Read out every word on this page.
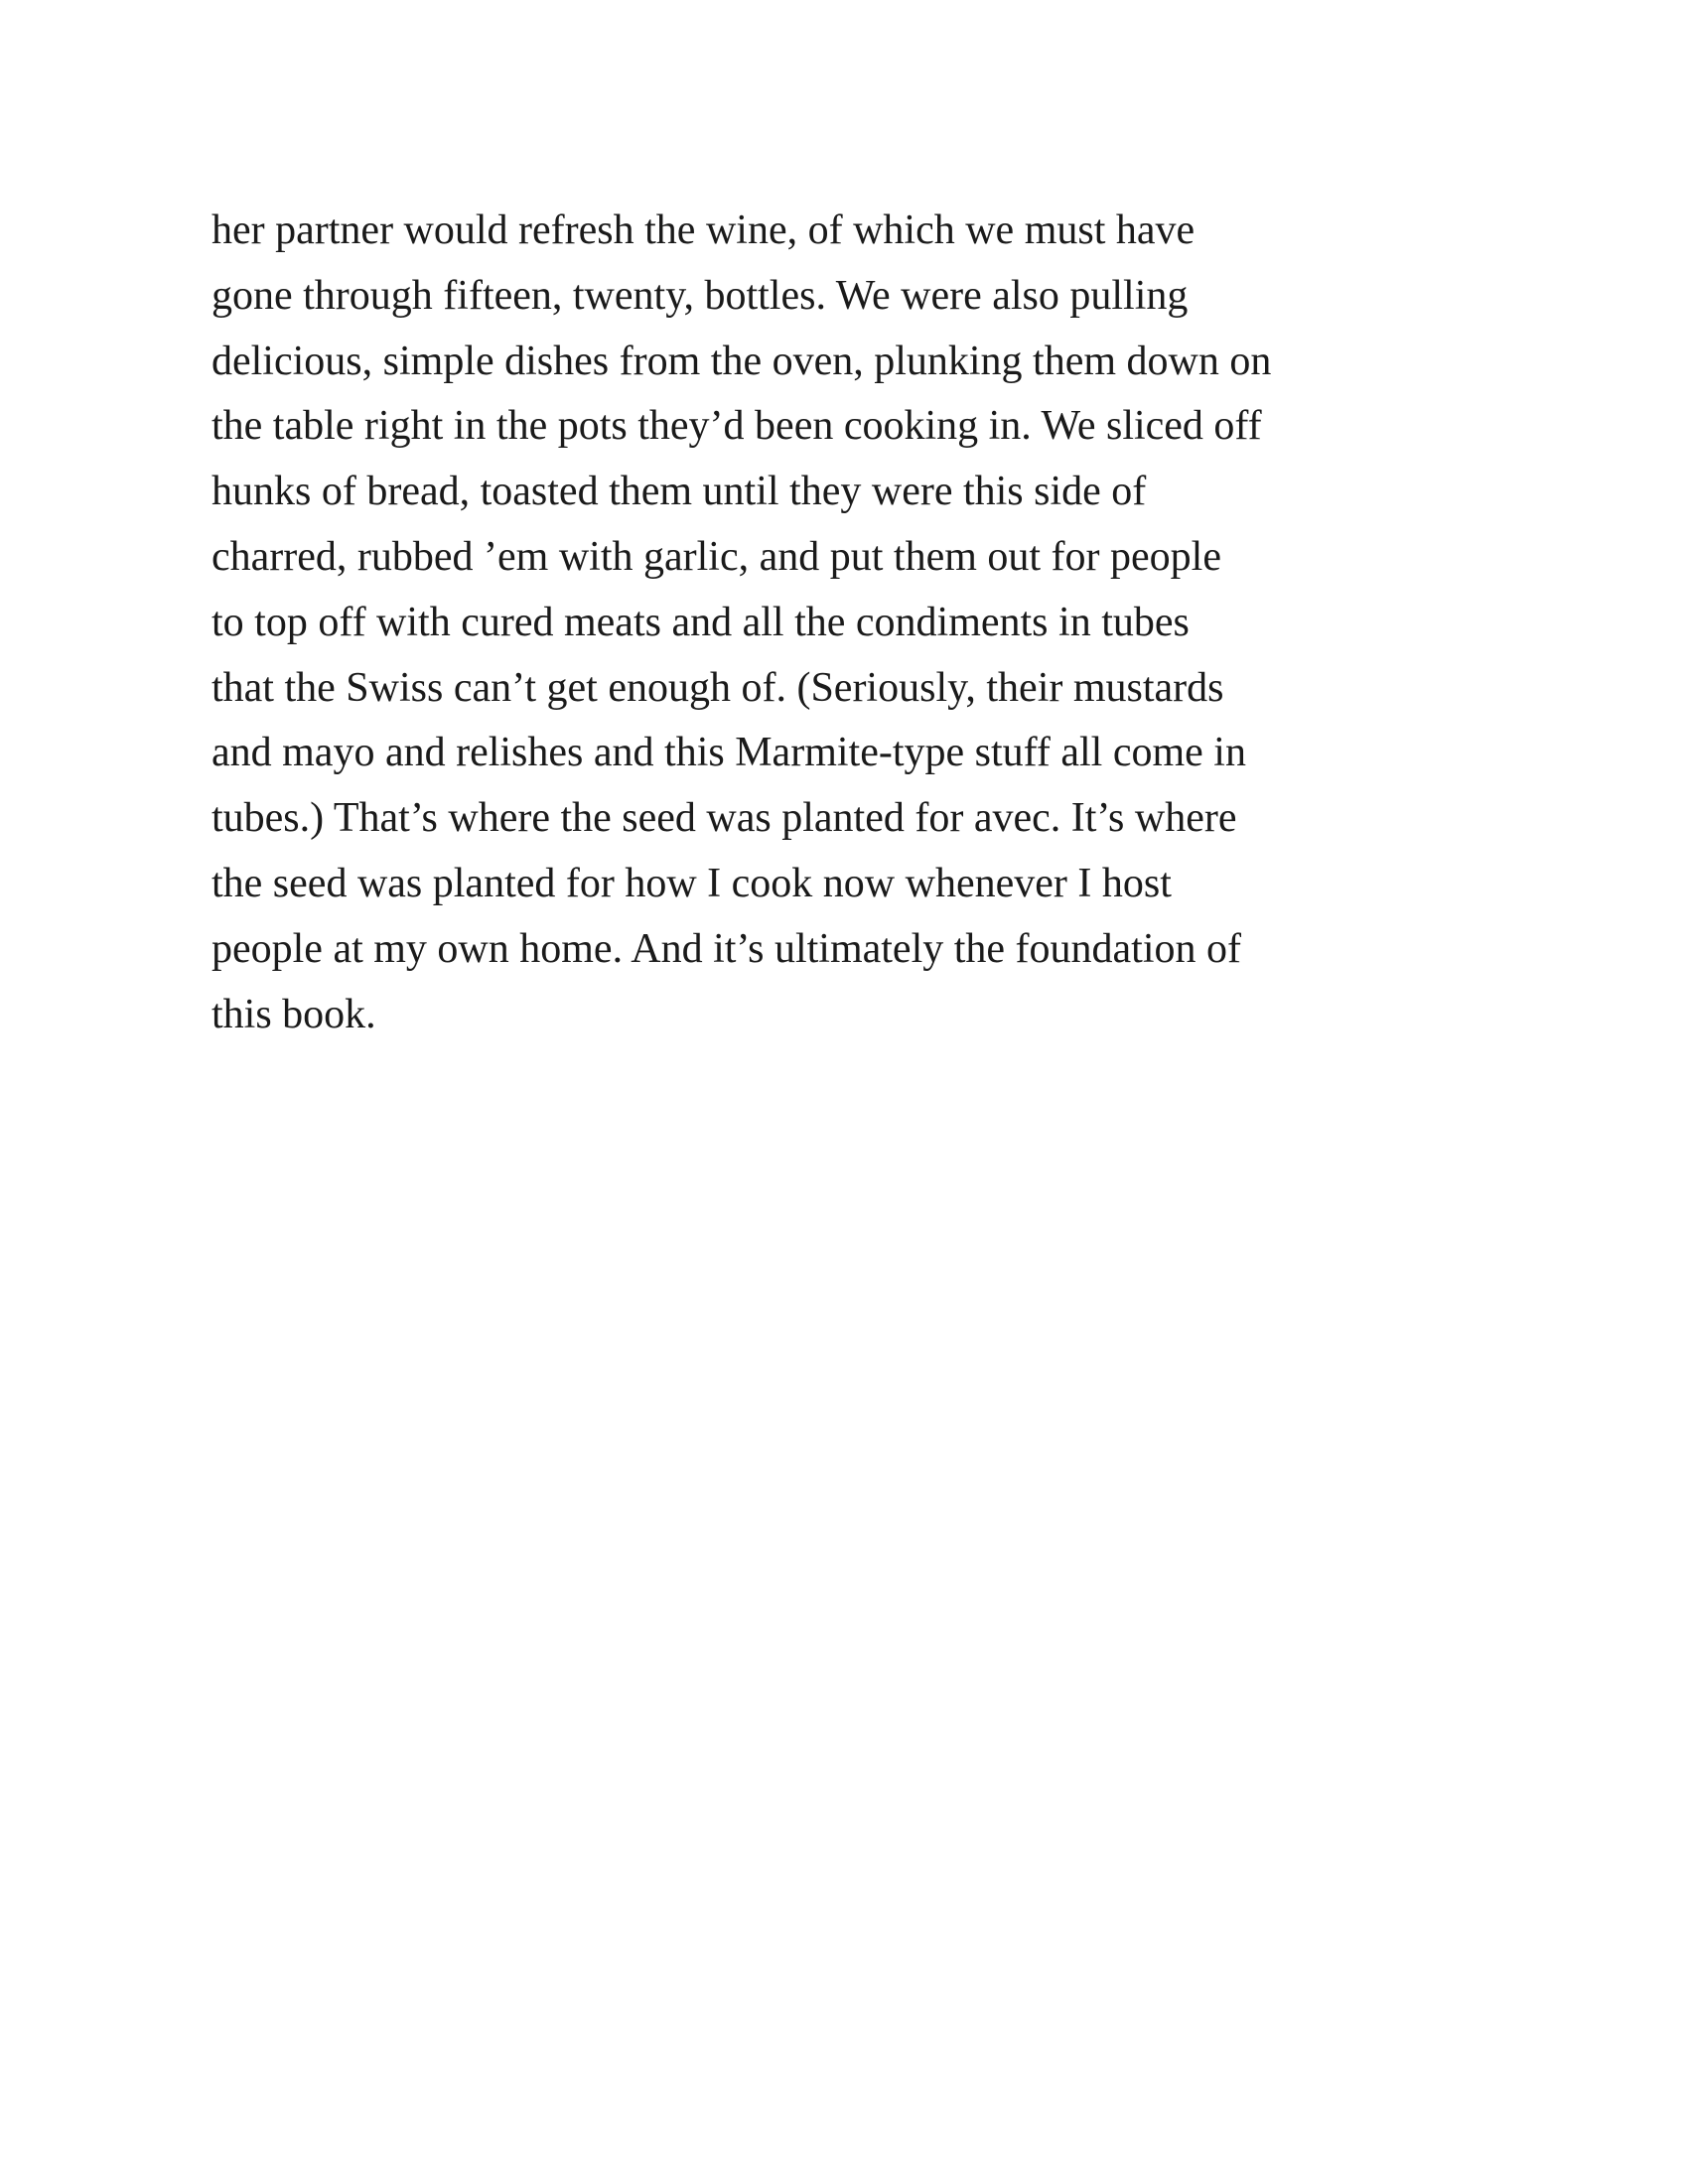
her partner would refresh the wine, of which we must have
gone through fifteen, twenty, bottles. We were also pulling
delicious, simple dishes from the oven, plunking them down on
the table right in the pots they’d been cooking in. We sliced off
hunks of bread, toasted them until they were this side of
charred, rubbed ’em with garlic, and put them out for people
to top off with cured meats and all the condiments in tubes
that the Swiss can’t get enough of. (Seriously, their mustards
and mayo and relishes and this Marmite-type stuff all come in
tubes.) That’s where the seed was planted for avec. It’s where
the seed was planted for how I cook now whenever I host
people at my own home. And it’s ultimately the foundation of
this book.
